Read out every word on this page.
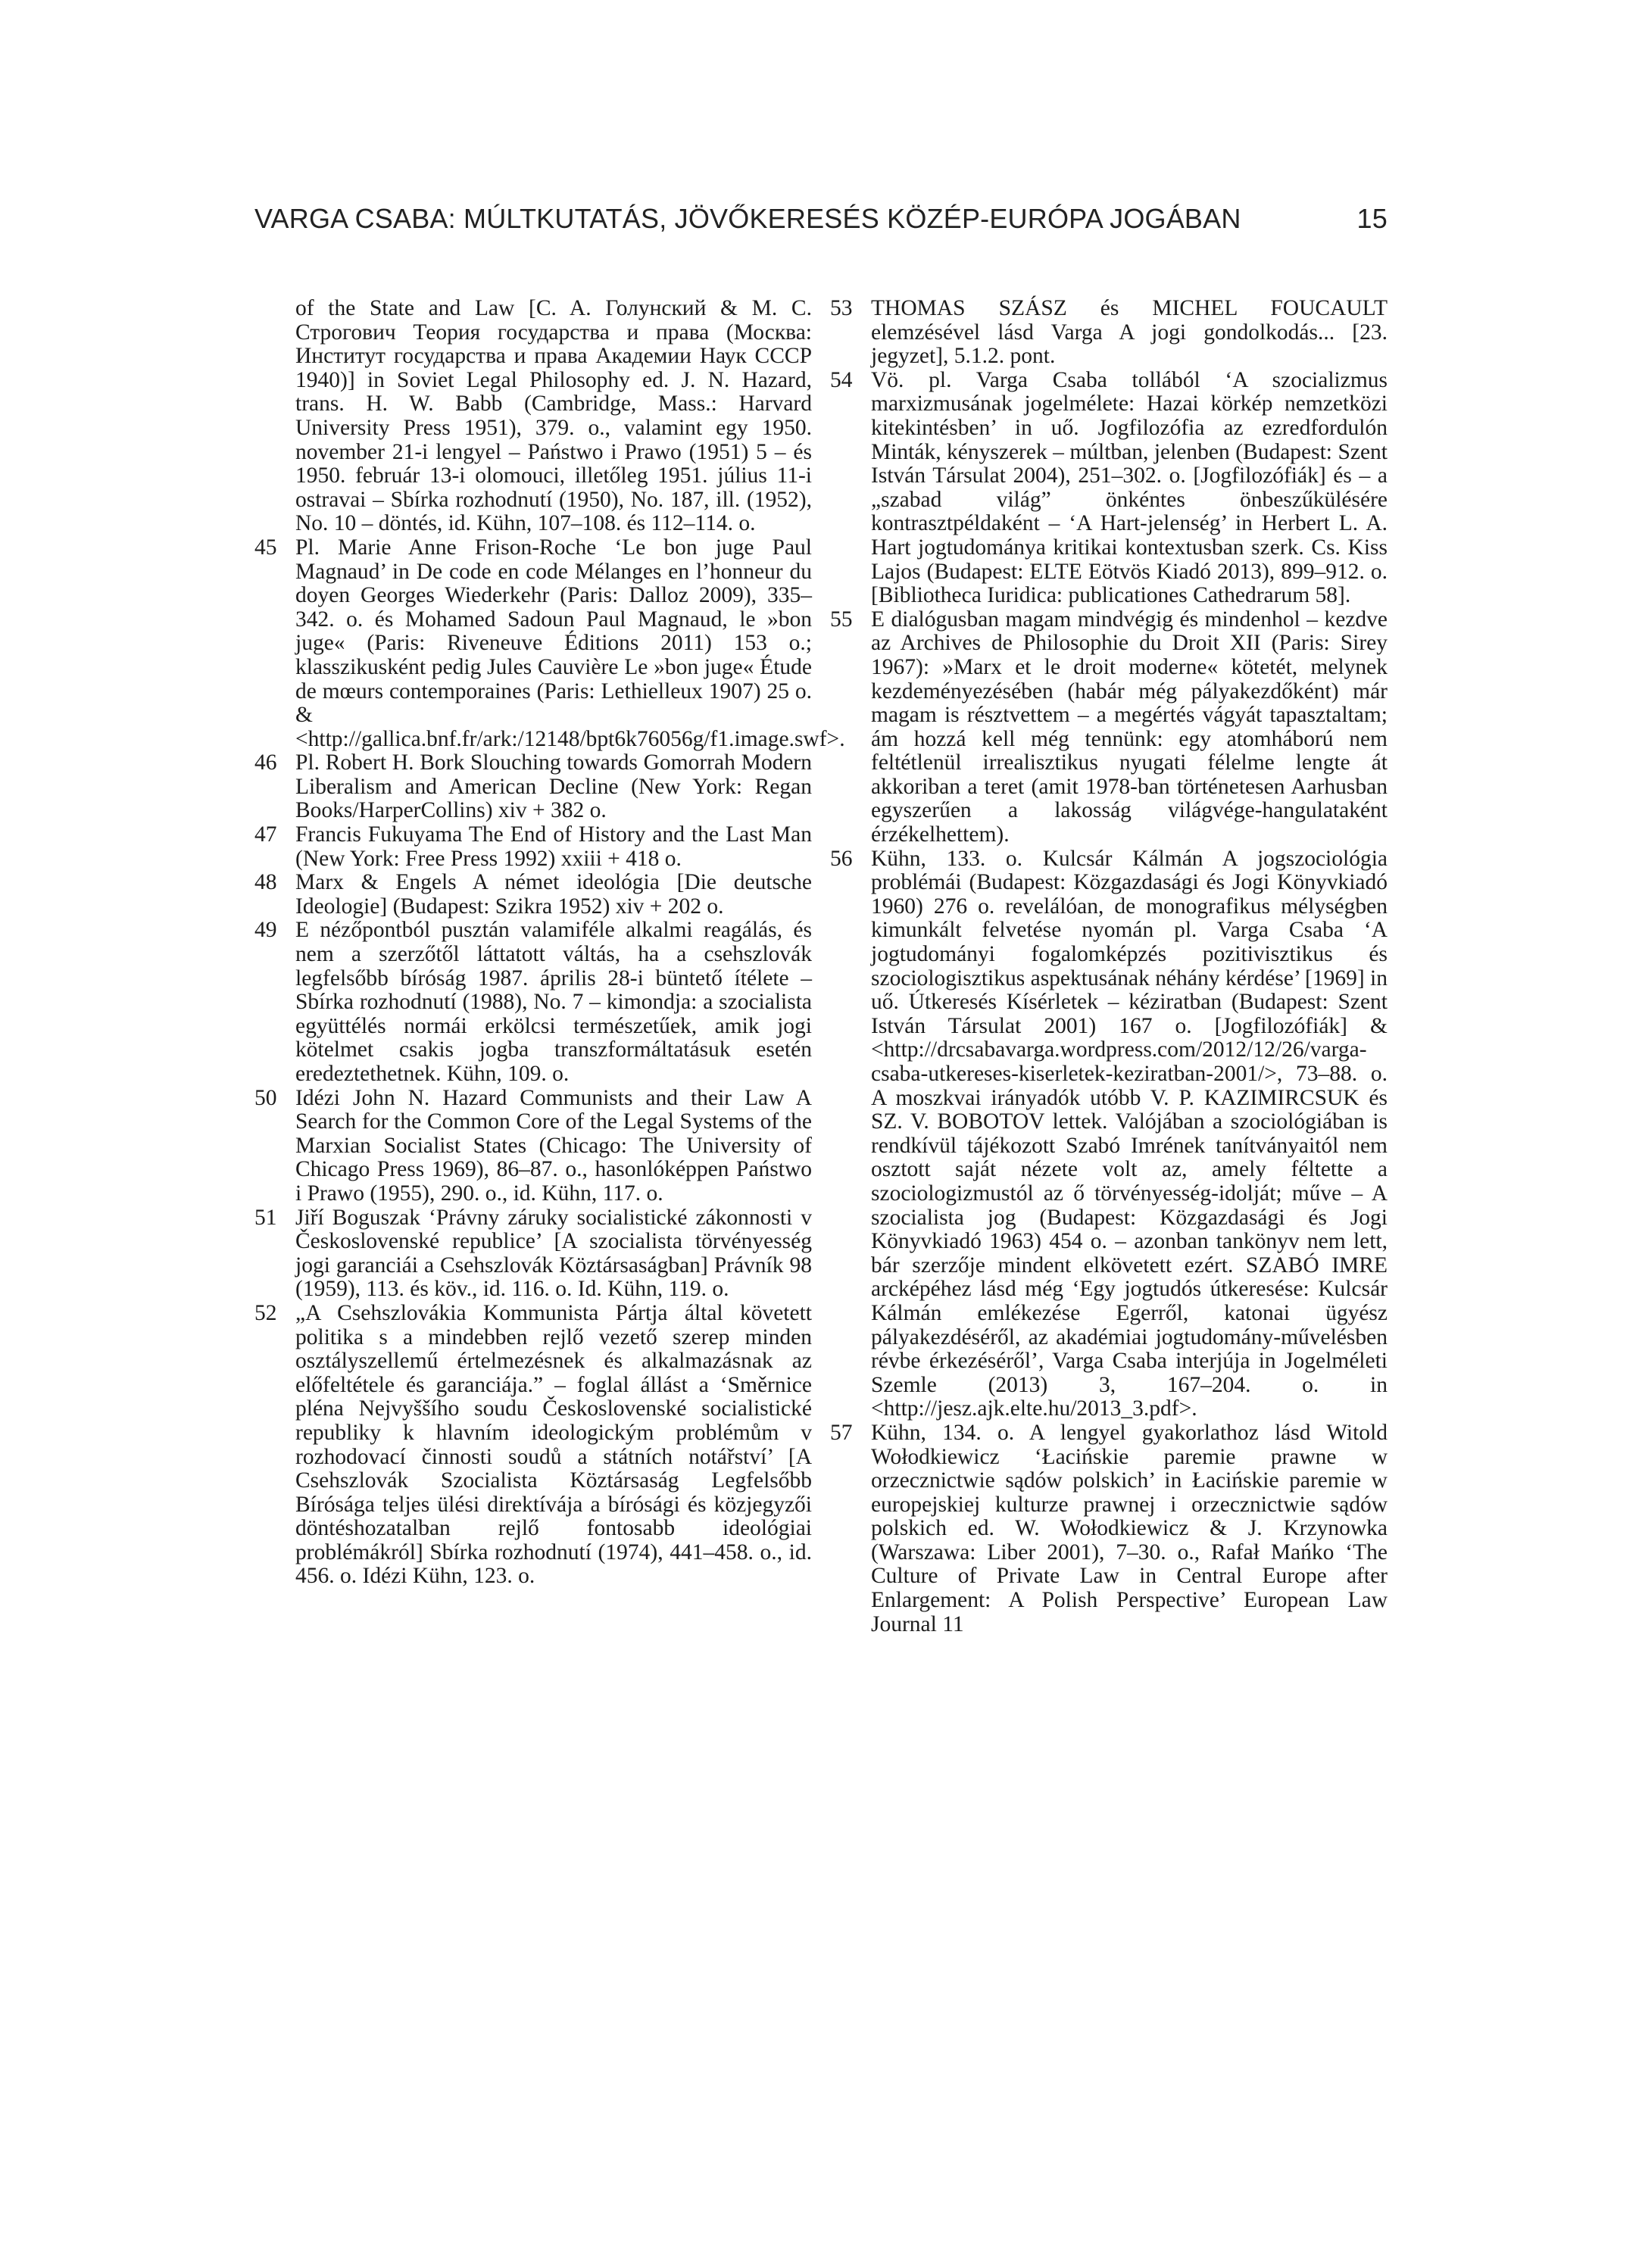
VARGA CSABA: MÚLTKUTATÁS, JÖVŐKERESÉS KÖZÉP-EURÓPA JOGÁBAN	15

of the State and Law [C. A. Голунский & M. C. Строгович Теория государства и права (Москва: Институт государства и права Академии Наук СССР 1940)] in Soviet Legal Philosophy ed. J. N. Hazard, trans. H. W. Babb (Cambridge, Mass.: Harvard University Press 1951), 379. o., valamint egy 1950. november 21-i lengyel – Państwo i Prawo (1951) 5 – és 1950. február 13-i olomouci, illetőleg 1951. július 11-i ostravai – Sbírka rozhodnutí (1950), No. 187, ill. (1952), No. 10 – döntés, id. Kühn, 107–108. és 112–114. o.

45 Pl. Marie Anne Frison-Roche ‘Le bon juge Paul Magnaud’ in De code en code Mélanges en l’honneur du doyen Georges Wiederkehr (Paris: Dalloz 2009), 335–342. o. és Mohamed Sadoun Paul Magnaud, le »bon juge« (Paris: Riveneuve Éditions 2011) 153 o.; klasszikusként pedig Jules Cauvière Le »bon juge« Étude de mœurs contemporaines (Paris: Lethielleux 1907) 25 o. & <http://gallica.bnf.fr/ark:/12148/bpt6k76056g/f1.image.swf>.

46 Pl. Robert H. Bork Slouching towards Gomorrah Modern Liberalism and American Decline (New York: Regan Books/HarperCollins) xiv + 382 o.

47 Francis Fukuyama The End of History and the Last Man (New York: Free Press 1992) xxiii + 418 o.

48 Marx & Engels A német ideológia [Die deutsche Ideologie] (Budapest: Szikra 1952) xiv + 202 o.

49 E nézőpontból pusztán valamiféle alkalmi reagálás, és nem a szerzőtől láttatott váltás, ha a csehszlovák legfelsőbb bíróság 1987. április 28-i büntető ítélete – Sbírka rozhodnutí (1988), No. 7 – kimondja: a szocialista együttélés normái erkölcsi természetűek, amik jogi kötelmet csakis jogba transzformáltatásuk esetén eredeztethetnek. Kühn, 109. o.

50 Idézi John N. Hazard Communists and their Law A Search for the Common Core of the Legal Systems of the Marxian Socialist States (Chicago: The University of Chicago Press 1969), 86–87. o., hasonlóképpen Państwo i Prawo (1955), 290. o., id. Kühn, 117. o.

51 Jiří Boguszak ‘Právny záruky socialistické zákonnosti v Československé republice’ [A szocialista törvényesség jogi garanciái a Csehszlovák Köztársaságban] Právník 98 (1959), 113. és köv., id. 116. o. Id. Kühn, 119. o.

52 „A Csehszlovákia Kommunista Pártja által követett politika s a mindebben rejlő vezető szerep minden osztályszellemű értelmezésnek és alkalmazásnak az előfeltétele és garanciája.” – foglal állást a ‘Směrnice pléna Nejvyššího soudu Československé socialistické republiky k hlavním ideologickým problémům v rozhodovací činnosti soudů a státních notářství’ [A Csehszlovák Szocialista Köztársaság Legfelsőbb Bírósága teljes ülési direktívája a bírósági és közjegyzői döntéshozatalban rejlő fontosabb ideológiai problémákról] Sbírka rozhodnutí (1974), 441–458. o., id. 456. o. Idézi Kühn, 123. o.

53 THOMAS SZÁSZ és MICHEL FOUCAULT elemzésével lásd Varga A jogi gondolkodás... [23. jegyzet], 5.1.2. pont.

54 Vö. pl. Varga Csaba tollából ‘A szocializmus marxizmusának jogelmélete: Hazai körkép nemzetközi kitekintésben’ in uő. Jogfilozófia az ezredfordulón Minták, kényszerek – múltban, jelenben (Budapest: Szent István Társulat 2004), 251–302. o. [Jogfilozófiák] és – a „szabad világ” önkéntes önbeszűkülésére kontrasztpéldaként – ‘A Hart-jelenség’ in Herbert L. A. Hart jogtudománya kritikai kontextusban szerk. Cs. Kiss Lajos (Budapest: ELTE Eötvös Kiadó 2013), 899–912. o. [Bibliotheca Iuridica: publicationes Cathedrarum 58].

55 E dialógusban magam mindvégig és mindenhol – kezdve az Archives de Philosophie du Droit XII (Paris: Sirey 1967): »Marx et le droit moderne« kötetét, melynek kezdeményezésében (habár még pályakezdőként) már magam is résztvettem – a megértés vágyát tapasztaltam; ám hozzá kell még tennünk: egy atomháború nem feltétlenül irrealisztikus nyugati félelme lengte át akkoriban a teret (amit 1978-ban történetesen Aarhusban egyszerűen a lakosság világvége-hangulataként érzékelhettem).

56 Kühn, 133. o. Kulcsár Kálmán A jogszociológia problémái (Budapest: Közgazdasági és Jogi Könyvkiadó 1960) 276 o. revelálóan, de monografikus mélységben kimunkált felvetése nyomán pl. Varga Csaba ‘A jogtudományi fogalomképzés pozitivisztikus és szociologisztikus aspektusának néhány kérdése’ [1969] in uő. Útkeresés Kísérletek – kéziratban (Budapest: Szent István Társulat 2001) 167 o. [Jogfilozófiák] & <http://drcsabavarga.wordpress.com/2012/12/26/varga-csaba-utkereses-kiserletek-keziratban-2001/>, 73–88. o. A moszkvai irányadók utóbb V. P. KAZIMIRCSUK és SZ. V. BOBOTOV lettek. Valójában a szociológiában is rendkívül tájékozott Szabó Imrének tanítványaitól nem osztott saját nézete volt az, amely féltette a szociologizmustól az ő törvényesség-idolját; műve – A szocialista jog (Budapest: Közgazdasági és Jogi Könyvkiadó 1963) 454 o. – azonban tankönyv nem lett, bár szerzője mindent elkövetett ezért. SZABÓ IMRE arcképéhez lásd még ‘Egy jogtudós útkeresése: Kulcsár Kálmán emlékezése Egerről, katonai ügyész pályakezdéséről, az akadémiai jogtudomány-művelésben révbe érkezéséről’, Varga Csaba interjúja in Jogelméleti Szemle (2013) 3, 167–204. o. in <http://jesz.ajk.elte.hu/2013_3.pdf>.

57 Kühn, 134. o. A lengyel gyakorlathoz lásd Witold Wołodkiewicz ‘Łacińskie paremie prawne w orzecznictwie sądów polskich’ in Łacińskie paremie w europejskiej kulturze prawnej i orzecznictwie sądów polskich ed. W. Wołodkiewicz & J. Krzynowka (Warszawa: Liber 2001), 7–30. o., Rafał Mańko ‘The Culture of Private Law in Central Europe after Enlargement: A Polish Perspective’ European Law Journal 11
